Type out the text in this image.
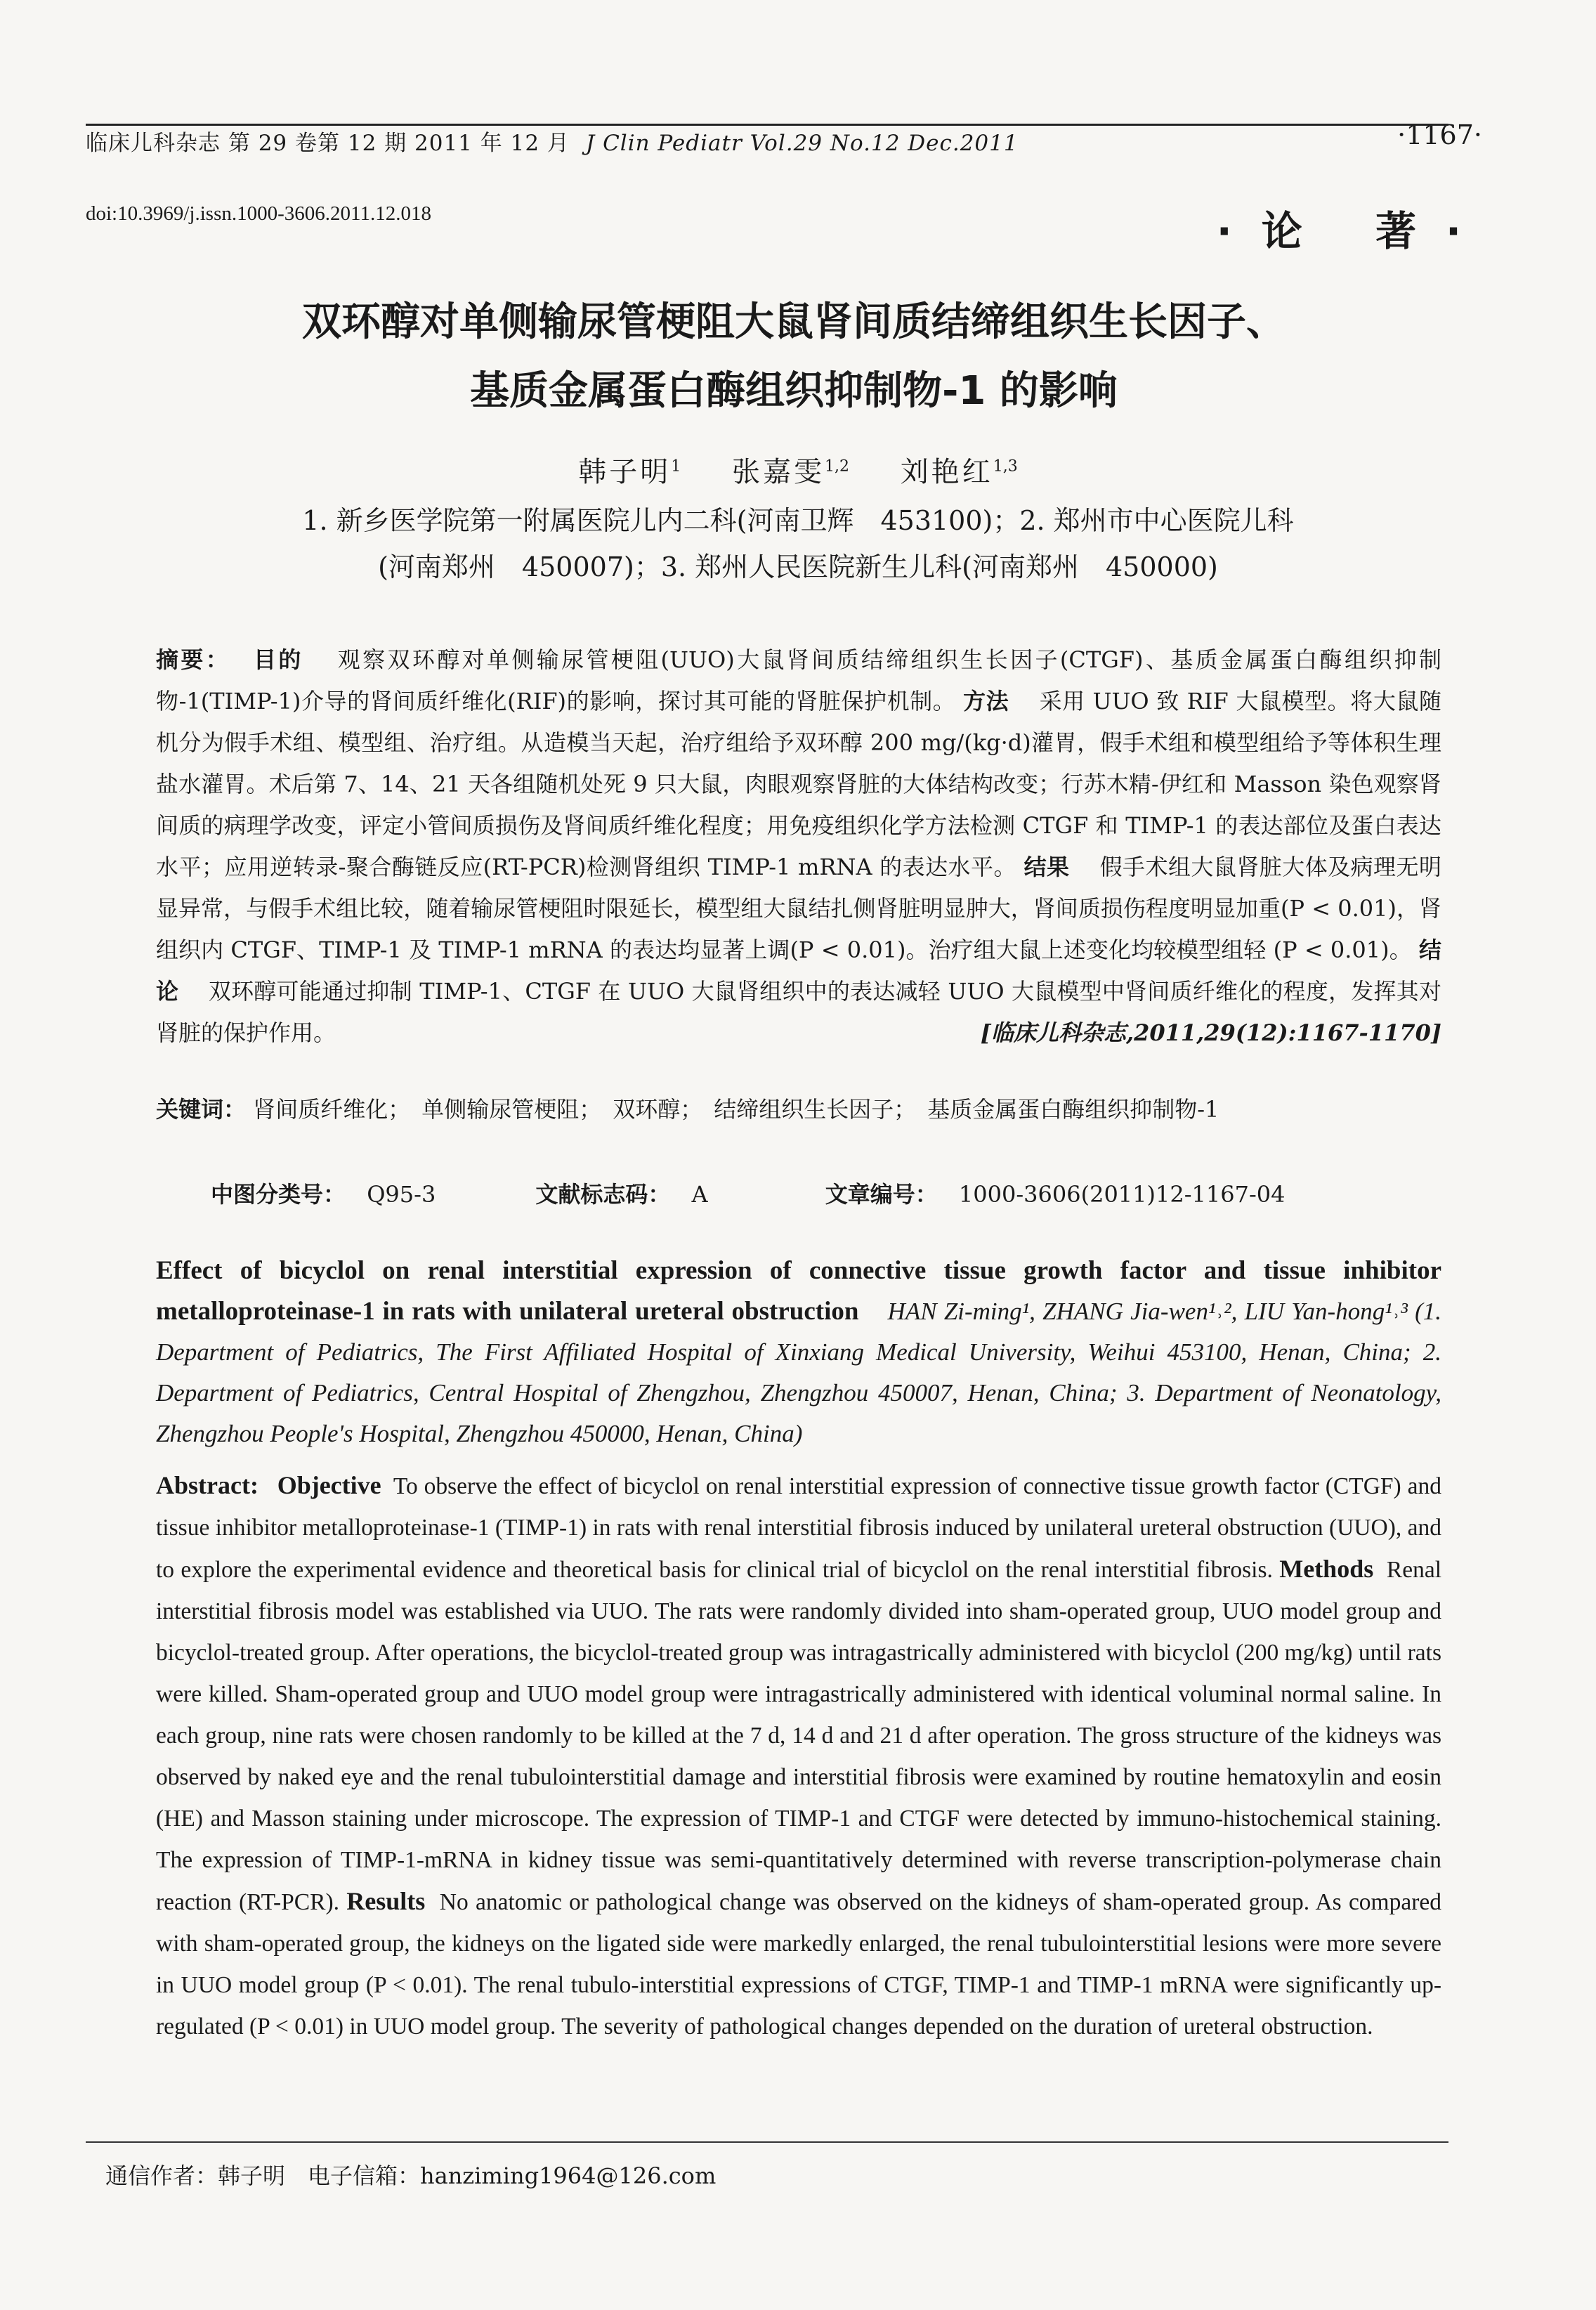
临床儿科杂志 第 29 卷第 12 期 2011 年 12 月 J Clin Pediatr Vol.29 No.12 Dec.2011	·1167·
doi:10.3969/j.issn.1000-3606.2011.12.018	·论 著·
双环醇对单侧输尿管梗阻大鼠肾间质结缔组织生长因子、
基质金属蛋白酶组织抑制物-1 的影响
韩子明$^1$ 张嘉雯$^{1,2}$ 刘艳红$^{1,3}$
1. 新乡医学院第一附属医院儿内二科(河南卫辉　453100)；2. 郑州市中心医院儿科
(河南郑州　450007)；3. 郑州人民医院新生儿科(河南郑州　450000)
摘要：　 目的　 观察双环醇对单侧输尿管梗阻(UUO)大鼠肾间质结缔组织生长因子(CTGF)、基质金属蛋白酶组织抑制物-1(TIMP-1)介导的肾间质纤维化(RIF)的影响，探讨其可能的肾脏保护机制。 方法　 采用 UUO 致 RIF 大鼠模型。将大鼠随机分为假手术组、模型组、治疗组。从造模当天起，治疗组给予双环醇 200 mg/(kg·d)灌胃，假手术组和模型组给予等体积生理盐水灌胃。术后第 7、14、21 天各组随机处死 9 只大鼠，肉眼观察肾脏的大体结构改变；行苏木精-伊红和 Masson 染色观察肾间质的病理学改变，评定小管间质损伤及肾间质纤维化程度；用免疫组织化学方法检测 CTGF 和 TIMP-1 的表达部位及蛋白表达水平；应用逆转录-聚合酶链反应(RT-PCR)检测肾组织 TIMP-1 mRNA 的表达水平。 结果　 假手术组大鼠肾脏大体及病理无明显异常，与假手术组比较，随着输尿管梗阻时限延长，模型组大鼠结扎侧肾脏明显肿大，肾间质损伤程度明显加重(P < 0.01)，肾组织内 CTGF、TIMP-1 及 TIMP-1 mRNA 的表达均显著上调(P < 0.01)。治疗组大鼠上述变化均较模型组轻 (P < 0.01)。 结论　 双环醇可能通过抑制 TIMP-1、CTGF 在 UUO 大鼠肾组织中的表达减轻 UUO 大鼠模型中肾间质纤维化的程度，发挥其对肾脏的保护作用。	[临床儿科杂志,2011,29(12):1167-1170]
关键词： 肾间质纤维化；　单侧输尿管梗阻；　双环醇；　结缔组织生长因子；　基质金属蛋白酶组织抑制物-1
中图分类号： Q95-3	文献标志码： A	文章编号： 1000-3606(2011)12-1167-04
Effect of bicyclol on renal interstitial expression of connective tissue growth factor and tissue inhibitor metalloproteinase-1 in rats with unilateral ureteral obstruction HAN Zi-ming¹, ZHANG Jia-wen¹˒², LIU Yan-hong¹˒³ (1. Department of Pediatrics, The First Affiliated Hospital of Xinxiang Medical University, Weihui 453100, Henan, China; 2. Department of Pediatrics, Central Hospital of Zhengzhou, Zhengzhou 450007, Henan, China; 3. Department of Neonatology, Zhengzhou People's Hospital, Zhengzhou 450000, Henan, China)
Abstract: Objective To observe the effect of bicyclol on renal interstitial expression of connective tissue growth factor (CTGF) and tissue inhibitor metalloproteinase-1 (TIMP-1) in rats with renal interstitial fibrosis induced by unilateral ureteral obstruction (UUO), and to explore the experimental evidence and theoretical basis for clinical trial of bicyclol on the renal interstitial fibrosis. Methods Renal interstitial fibrosis model was established via UUO. The rats were randomly divided into sham-operated group, UUO model group and bicyclol-treated group. After operations, the bicyclol-treated group was intragastrically administered with bicyclol (200 mg/kg) until rats were killed. Sham-operated group and UUO model group were intragastrically administered with identical voluminal normal saline. In each group, nine rats were chosen randomly to be killed at the 7 d, 14 d and 21 d after operation. The gross structure of the kidneys was observed by naked eye and the renal tubulointerstitial damage and interstitial fibrosis were examined by routine hematoxylin and eosin (HE) and Masson staining under microscope. The expression of TIMP-1 and CTGF were detected by immuno-histochemical staining. The expression of TIMP-1-mRNA in kidney tissue was semi-quantitatively determined with reverse transcription-polymerase chain reaction (RT-PCR). Results No anatomic or pathological change was observed on the kidneys of sham-operated group. As compared with sham-operated group, the kidneys on the ligated side were markedly enlarged, the renal tubulointerstitial lesions were more severe in UUO model group (P < 0.01). The renal tubulo-interstitial expressions of CTGF, TIMP-1 and TIMP-1 mRNA were significantly up-regulated (P < 0.01) in UUO model group. The severity of pathological changes depended on the duration of ureteral obstruction.
通信作者：韩子明　电子信箱：hanziming1964@126.com
